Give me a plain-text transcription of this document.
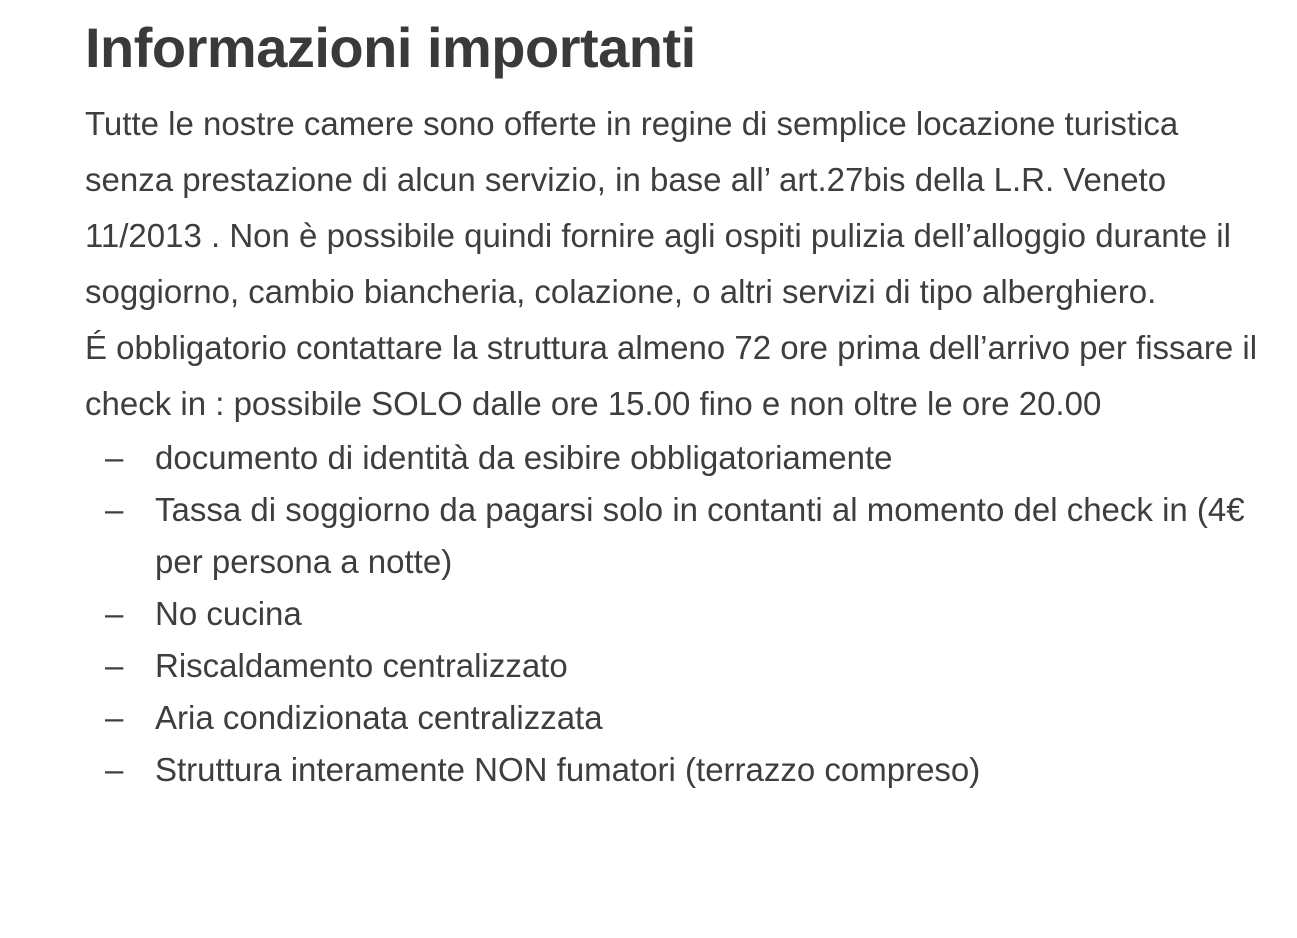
Informazioni importanti

Tutte le nostre camere sono offerte in regine di semplice locazione turistica senza prestazione di alcun servizio, in base all’ art.27bis della L.R. Veneto 11/2013 . Non è possibile quindi fornire agli ospiti pulizia dell’alloggio durante il soggiorno, cambio biancheria, colazione, o altri servizi di tipo alberghiero.

É obbligatorio contattare la struttura almeno 72 ore prima dell’arrivo per fissare il check in : possibile SOLO dalle ore 15.00 fino e non oltre le ore 20.00

– documento di identità da esibire obbligatoriamente
– Tassa di soggiorno da pagarsi solo in contanti al momento del check in (4€ per persona a notte)
– No cucina
– Riscaldamento centralizzato
– Aria condizionata centralizzata
– Struttura interamente NON fumatori (terrazzo compreso)
